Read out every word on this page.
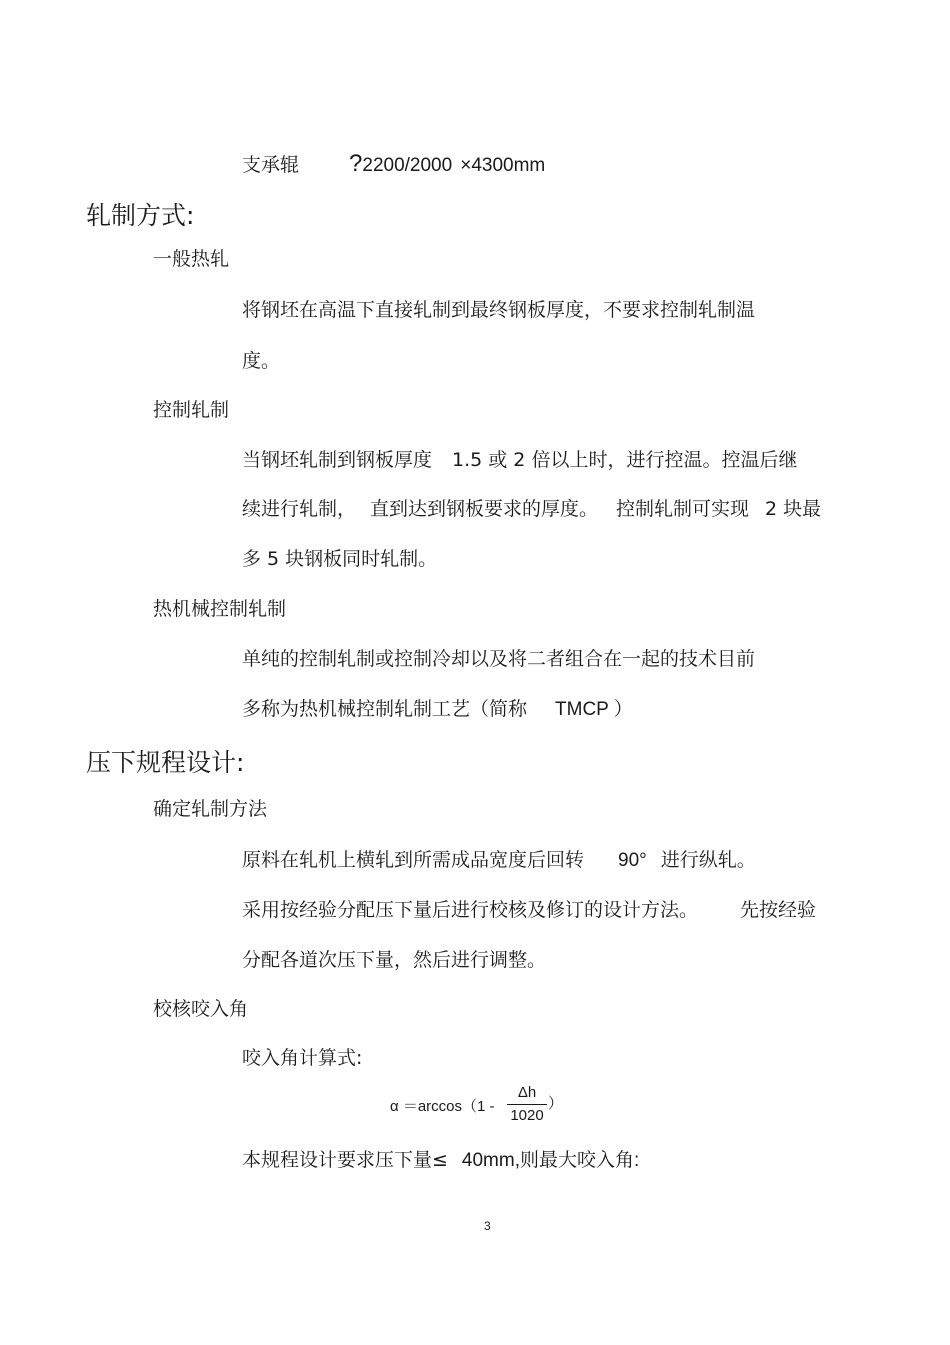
支承辊 ?2200/2000 ×4300mm
轧制方式:
一般热轧
将钢坯在高温下直接轧制到最终钢板厚度，不要求控制轧制温
度。
控制轧制
当钢坯轧制到钢板厚度 1.5 或 2 倍以上时，进行控温。控温后继
续进行轧制， 直到达到钢板要求的厚度。 控制轧制可实现 2 块最
多 5 块钢板同时轧制。
热机械控制轧制
单纯的控制轧制或控制冷却以及将二者组合在一起的技术目前
多称为热机械控制轧制工艺（简称 TMCP ）
压下规程设计:
确定轧制方法
原料在轧机上横轧到所需成品宽度后回转 90° 进行纵轧。
采用按经验分配压下量后进行校核及修订的设计方法。 先按经验
分配各道次压下量，然后进行调整。
校核咬入角
咬入角计算式:
α ＝arccos（1 -
Δh
1020
）
本规程设计要求压下量≤ 40mm,则最大咬入角:
3
